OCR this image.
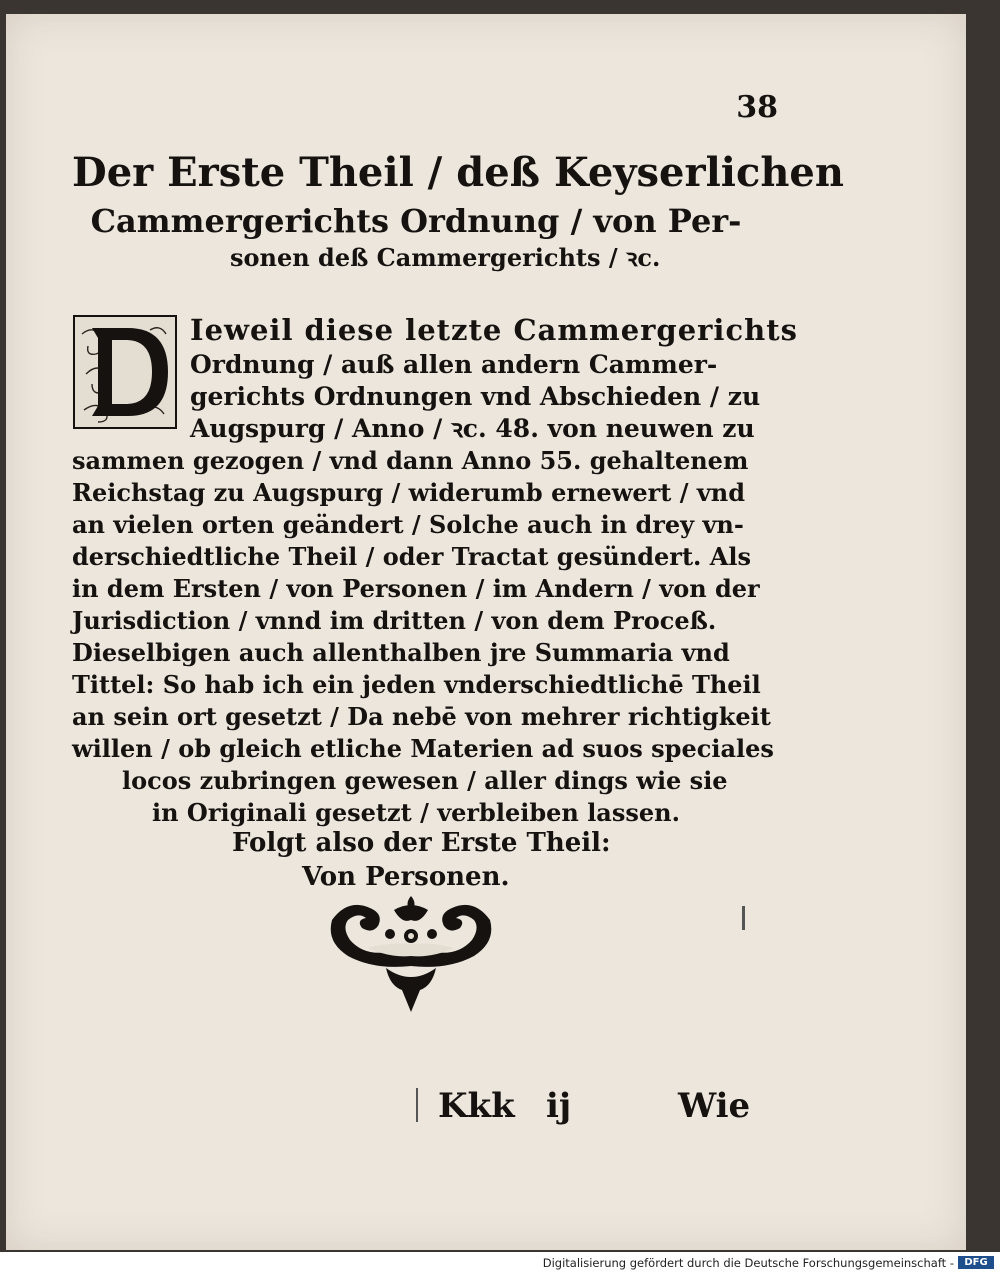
38
Der Erste Theil / deß Keyserlichen
Cammergerichts Ordnung / von Per-
sonen deß Cammergerichts / ꝛc.
Ieweil diese letzte Cammergerichts
Ordnung / auß allen andern Cammer-
gerichts Ordnungen vnd Abschieden / zu
Augspurg / Anno / ꝛc. 48. von neuwen zu
sammen gezogen / vnd dann Anno 55. gehaltenem
Reichstag zu Augspurg / widerumb ernewert / vnd
an vielen orten geändert / Solche auch in drey vn-
derschiedtliche Theil / oder Tractat gesündert. Als
in dem Ersten / von Personen / im Andern / von der
Jurisdiction / vnnd im dritten / von dem Proceß.
Dieselbigen auch allenthalben jre Summaria vnd
Tittel: So hab ich ein jeden vnderschiedtlichē Theil
an sein ort gesetzt / Da nebē von mehrer richtigkeit
willen / ob gleich etliche Materien ad suos speciales
locos zubringen gewesen / aller dings wie sie
in Originali gesetzt / verbleiben lassen.
Folgt also der Erste Theil:
Von Personen.
Kkk ij	Wie
Digitalisierung gefördert durch die Deutsche Forschungsgemeinschaft -	DFG
